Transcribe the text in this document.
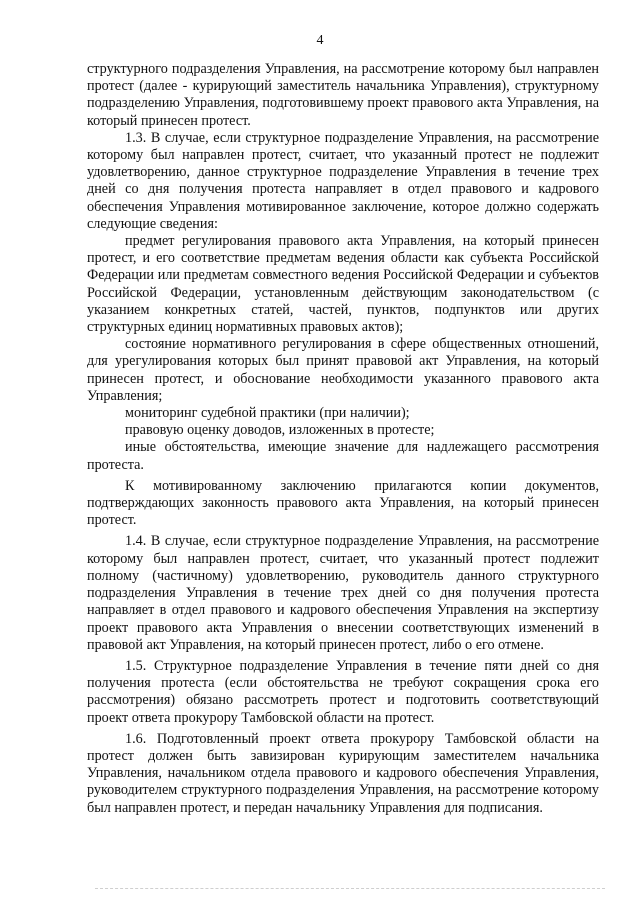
4

структурного подразделения Управления, на рассмотрение которому был направлен протест (далее - курирующий заместитель начальника Управления), структурному подразделению Управления, подготовившему проект правового акта Управления, на который принесен протест.

1.3. В случае, если структурное подразделение Управления, на рассмотрение которому был направлен протест, считает, что указанный протест не подлежит удовлетворению, данное структурное подразделение Управления в течение трех дней со дня получения протеста направляет в отдел правового и кадрового обеспечения Управления мотивированное заключение, которое должно содержать следующие сведения:

предмет регулирования правового акта Управления, на который принесен протест, и его соответствие предметам ведения области как субъекта Российской Федерации или предметам совместного ведения Российской Федерации и субъектов Российской Федерации, установленным действующим законодательством (с указанием конкретных статей, частей, пунктов, подпунктов или других структурных единиц нормативных правовых актов);

состояние нормативного регулирования в сфере общественных отношений, для урегулирования которых был принят правовой акт Управления, на который принесен протест, и обоснование необходимости указанного правового акта Управления;

мониторинг судебной практики (при наличии);

правовую оценку доводов, изложенных в протесте;

иные обстоятельства, имеющие значение для надлежащего рассмотрения протеста.

К мотивированному заключению прилагаются копии документов, подтверждающих законность правового акта Управления, на который принесен протест.

1.4. В случае, если структурное подразделение Управления, на рассмотрение которому был направлен протест, считает, что указанный протест подлежит полному (частичному) удовлетворению, руководитель данного структурного подразделения Управления в течение трех дней со дня получения протеста направляет в отдел правового и кадрового обеспечения Управления на экспертизу проект правового акта Управления о внесении соответствующих изменений в правовой акт Управления, на который принесен протест, либо о его отмене.

1.5. Структурное подразделение Управления в течение пяти дней со дня получения протеста (если обстоятельства не требуют сокращения срока его рассмотрения) обязано рассмотреть протест и подготовить соответствующий проект ответа прокурору Тамбовской области на протест.

1.6. Подготовленный проект ответа прокурору Тамбовской области на протест должен быть завизирован курирующим заместителем начальника Управления, начальником отдела правового и кадрового обеспечения Управления, руководителем структурного подразделения Управления, на рассмотрение которому был направлен протест, и передан начальнику Управления для подписания.
